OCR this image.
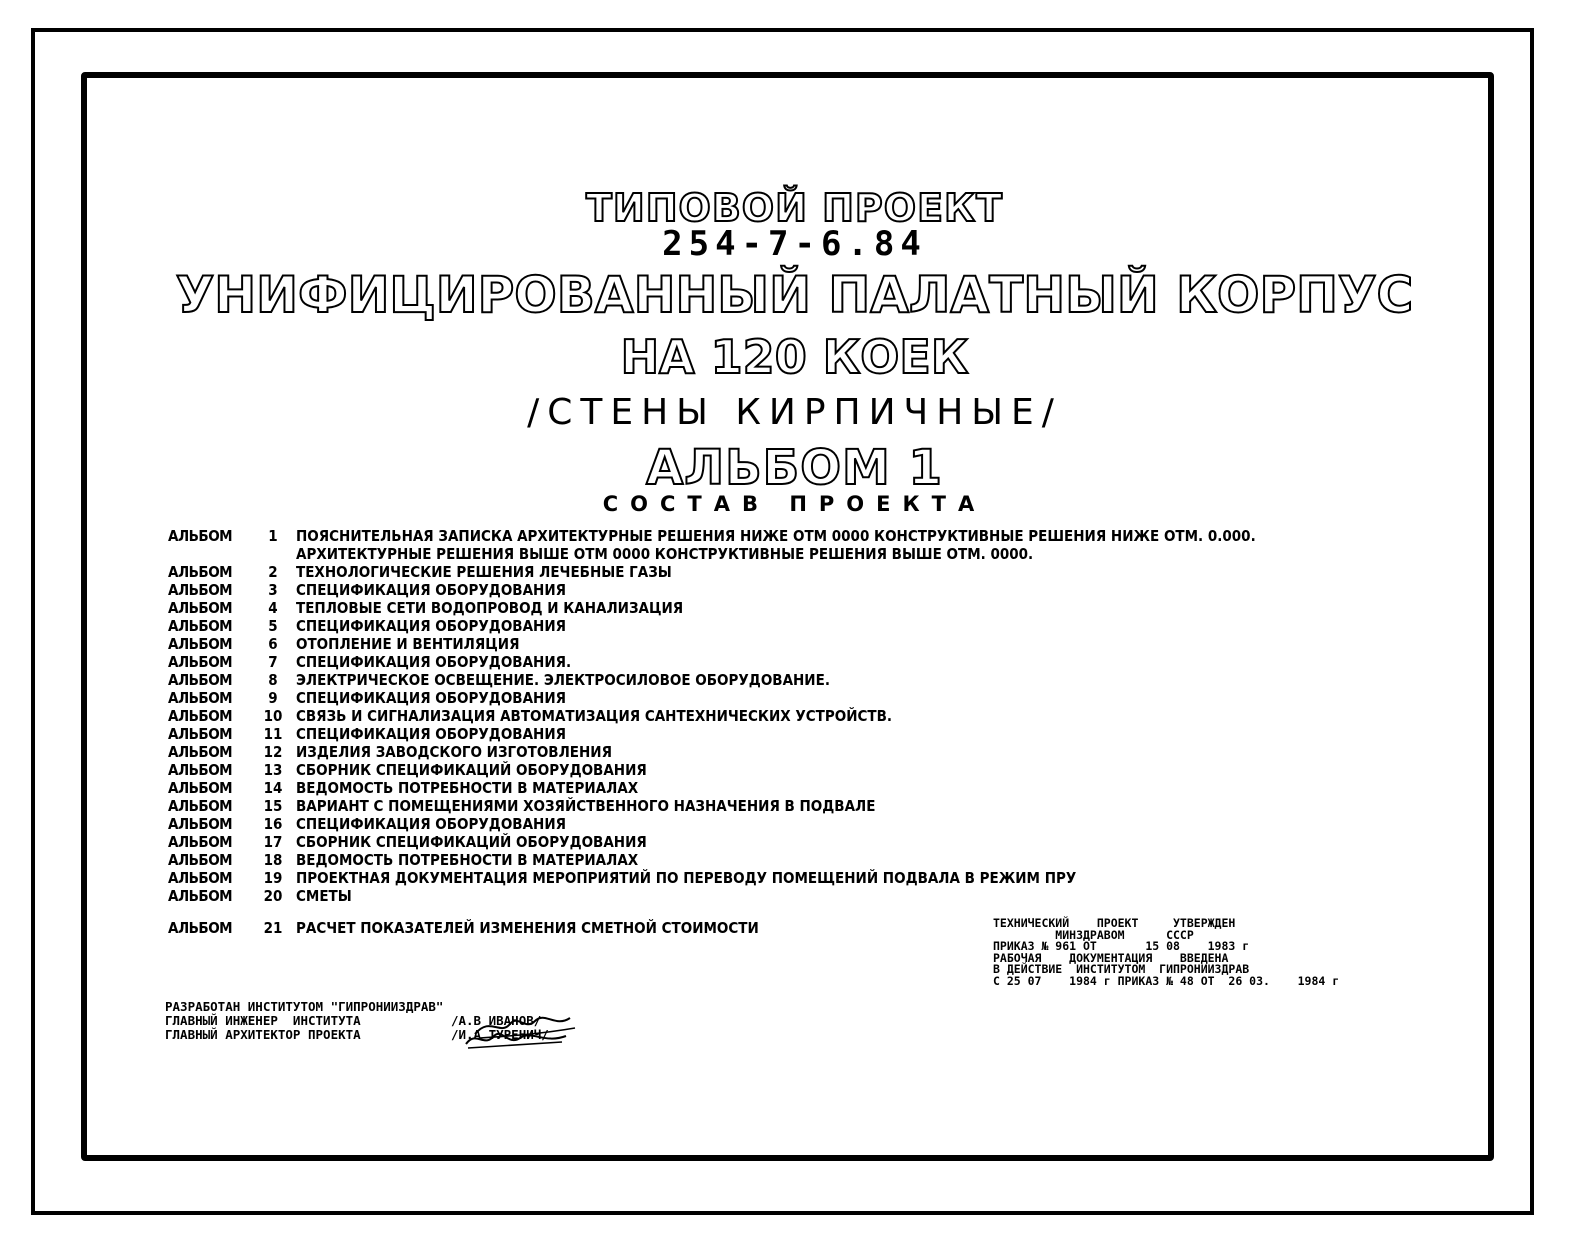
ТИПОВОЙ ПРОЕКТ
254-7-6.84
УНИФИЦИРОВАННЫЙ ПАЛАТНЫЙ КОРПУС
НА 120 КОЕК
/СТЕНЫ КИРПИЧНЫЕ/
АЛЬБОМ 1
СОСТАВ ПРОЕКТА
АЛЬБОМ	1	ПОЯСНИТЕЛЬНАЯ ЗАПИСКА АРХИТЕКТУРНЫЕ РЕШЕНИЯ НИЖЕ ОТМ 0000 КОНСТРУКТИВНЫЕ РЕШЕНИЯ НИЖЕ ОТМ. 0.000.
АРХИТЕКТУРНЫЕ РЕШЕНИЯ ВЫШЕ ОТМ 0000 КОНСТРУКТИВНЫЕ РЕШЕНИЯ ВЫШЕ ОТМ. 0000.
АЛЬБОМ	2	ТЕХНОЛОГИЧЕСКИЕ РЕШЕНИЯ ЛЕЧЕБНЫЕ ГАЗЫ
АЛЬБОМ	3	СПЕЦИФИКАЦИЯ ОБОРУДОВАНИЯ
АЛЬБОМ	4	ТЕПЛОВЫЕ СЕТИ ВОДОПРОВОД И КАНАЛИЗАЦИЯ
АЛЬБОМ	5	СПЕЦИФИКАЦИЯ ОБОРУДОВАНИЯ
АЛЬБОМ	6	ОТОПЛЕНИЕ И ВЕНТИЛЯЦИЯ
АЛЬБОМ	7	СПЕЦИФИКАЦИЯ ОБОРУДОВАНИЯ.
АЛЬБОМ	8	ЭЛЕКТРИЧЕСКОЕ ОСВЕЩЕНИЕ. ЭЛЕКТРОСИЛОВОЕ ОБОРУДОВАНИЕ.
АЛЬБОМ	9	СПЕЦИФИКАЦИЯ ОБОРУДОВАНИЯ
АЛЬБОМ	10 СВЯЗЬ И СИГНАЛИЗАЦИЯ АВТОМАТИЗАЦИЯ САНТЕХНИЧЕСКИХ УСТРОЙСТВ.
АЛЬБОМ	11 СПЕЦИФИКАЦИЯ ОБОРУДОВАНИЯ
АЛЬБОМ	12 ИЗДЕЛИЯ ЗАВОДСКОГО ИЗГОТОВЛЕНИЯ
АЛЬБОМ	13 СБОРНИК СПЕЦИФИКАЦИЙ ОБОРУДОВАНИЯ
АЛЬБОМ	14 ВЕДОМОСТЬ ПОТРЕБНОСТИ В МАТЕРИАЛАХ
АЛЬБОМ	15 ВАРИАНТ С ПОМЕЩЕНИЯМИ ХОЗЯЙСТВЕННОГО НАЗНАЧЕНИЯ В ПОДВАЛЕ
АЛЬБОМ	16 СПЕЦИФИКАЦИЯ ОБОРУДОВАНИЯ
АЛЬБОМ	17 СБОРНИК СПЕЦИФИКАЦИЙ ОБОРУДОВАНИЯ
АЛЬБОМ	18 ВЕДОМОСТЬ ПОТРЕБНОСТИ В МАТЕРИАЛАХ
АЛЬБОМ	19 ПРОЕКТНАЯ ДОКУМЕНТАЦИЯ МЕРОПРИЯТИЙ ПО ПЕРЕВОДУ ПОМЕЩЕНИЙ ПОДВАЛА В РЕЖИМ ПРУ
АЛЬБОМ	20 СМЕТЫ
АЛЬБОМ	21 РАСЧЕТ ПОКАЗАТЕЛЕЙ ИЗМЕНЕНИЯ СМЕТНОЙ СТОИМОСТИ	ТЕХНИЧЕСКИЙ    ПРОЕКТ     УТВЕРЖДЕН
МИНЗДРАВОМ      СССР
ПРИКАЗ № 961 ОТ       15 08    1983 г
РАБОЧАЯ    ДОКУМЕНТАЦИЯ    ВВЕДЕНА
В ДЕЙСТВИЕ  ИНСТИТУТОМ  ГИПРОНИИЗДРАВ
С 25 07    1984 г ПРИКАЗ № 48 ОТ  26 03.    1984 г
РАЗРАБОТАН ИНСТИТУТОМ "ГИПРОНИИЗДРАВ"
ГЛАВНЫЙ ИНЖЕНЕР  ИНСТИТУТА            /А.В ИВАНОВ/
ГЛАВНЫЙ АРХИТЕКТОР ПРОЕКТА            /И.А ТУРЕНИЧ/
